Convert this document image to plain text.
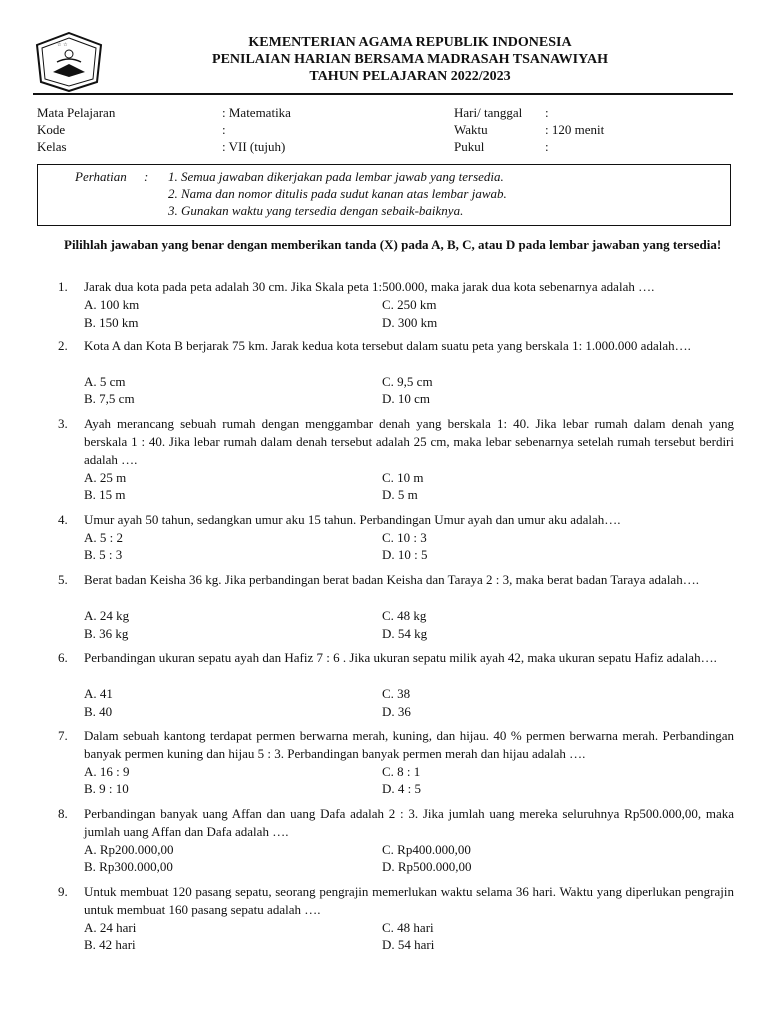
☆ ☆	KEMENTERIAN AGAMA REPUBLIK INDONESIA
PENILAIAN HARIAN BERSAMA MADRASAH TSANAWIYAH
TAHUN PELAJARAN 2022/2023
Mata Pelajaran	: Matematika
Kode	:
Kelas	: VII (tujuh)
Hari/ tanggal :
Waktu	: 120 menit
Pukul	:
Perhatian : 1. Semua jawaban dikerjakan pada lembar jawab yang tersedia.
2. Nama dan nomor ditulis pada sudut kanan atas lembar jawab.
3. Gunakan waktu yang tersedia dengan sebaik-baiknya.
Pilihlah jawaban yang benar dengan memberikan tanda (X) pada A, B, C, atau D pada lembar jawaban yang tersedia!
1. Jarak dua kota pada peta adalah 30 cm. Jika Skala peta 1:500.000, maka jarak dua kota sebenarnya adalah ….
A. 100 km
B. 150 km
C. 250 km
D. 300 km
2. Kota A dan Kota B berjarak 75 km. Jarak kedua kota tersebut dalam suatu peta yang berskala 1: 1.000.000 adalah….
A. 5 cm
B. 7,5 cm
C. 9,5 cm
D. 10 cm
3. Ayah merancang sebuah rumah dengan menggambar denah yang berskala 1: 40. Jika lebar rumah dalam denah yang berskala 1 : 40. Jika lebar rumah dalam denah tersebut adalah 25 cm, maka lebar sebenarnya setelah rumah tersebut berdiri adalah ….
A. 25 m
B. 15 m
C. 10 m
D. 5 m
4. Umur ayah 50 tahun, sedangkan umur aku 15 tahun. Perbandingan Umur ayah dan umur aku adalah….
A. 5 : 2
B. 5 : 3
C. 10 : 3
D. 10 : 5
5. Berat badan Keisha 36 kg. Jika perbandingan berat badan Keisha dan Taraya 2 : 3, maka berat badan Taraya adalah….
A. 24 kg
B. 36 kg
C. 48 kg
D. 54 kg
6. Perbandingan ukuran sepatu ayah dan Hafiz 7 : 6 . Jika ukuran sepatu milik ayah 42, maka ukuran sepatu Hafiz adalah….
A. 41
B. 40
C. 38
D. 36
7. Dalam sebuah kantong terdapat permen berwarna merah, kuning, dan hijau. 40 % permen berwarna merah. Perbandingan banyak permen kuning dan hijau 5 : 3. Perbandingan banyak permen merah dan hijau adalah ….
A. 16 : 9
B. 9 : 10
C. 8 : 1
D. 4 : 5
8. Perbandingan banyak uang Affan dan uang Dafa adalah 2 : 3. Jika jumlah uang mereka seluruhnya Rp500.000,00, maka jumlah uang Affan dan Dafa adalah ….
A. Rp200.000,00
B. Rp300.000,00
C. Rp400.000,00
D. Rp500.000,00
9. Untuk membuat 120 pasang sepatu, seorang pengrajin memerlukan waktu selama 36 hari. Waktu yang diperlukan pengrajin untuk membuat 160 pasang sepatu adalah ….
A. 24 hari
B. 42 hari
C. 48 hari
D. 54 hari
